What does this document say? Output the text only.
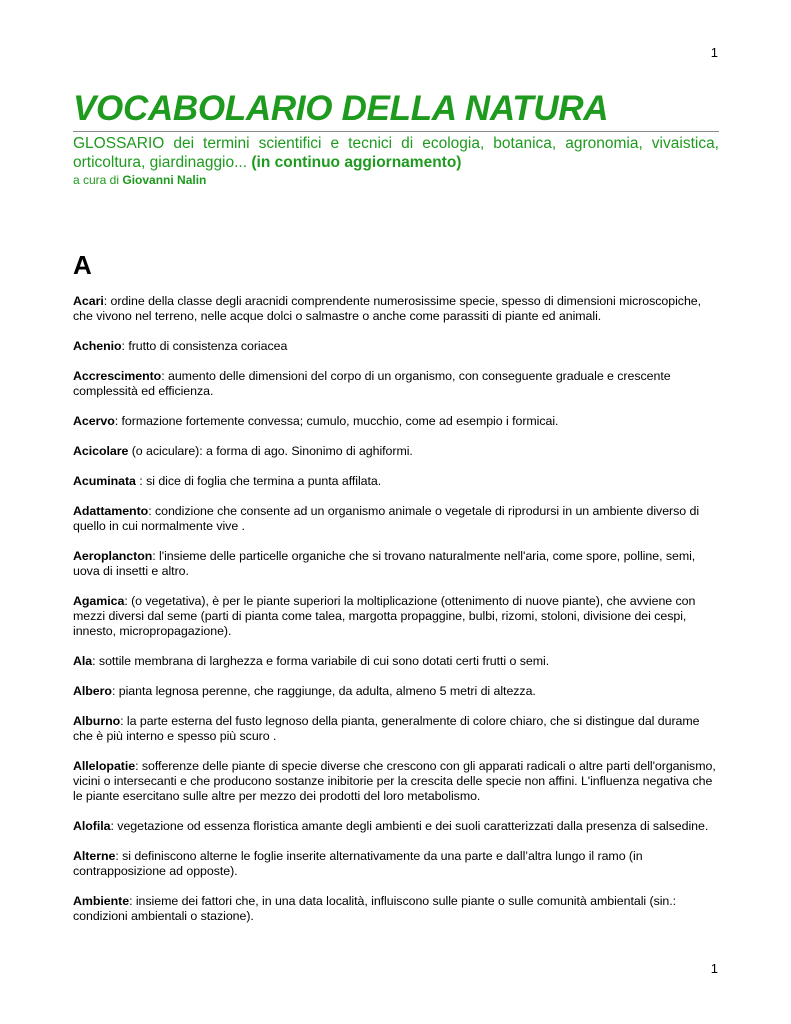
1
VOCABOLARIO DELLA NATURA
GLOSSARIO dei termini scientifici e tecnici di ecologia, botanica, agronomia, vivaistica, orticoltura, giardinaggio... (in continuo aggiornamento)
a cura di Giovanni Nalin
A

Acari: ordine della classe degli aracnidi comprendente numerosissime specie, spesso di dimensioni microscopiche, che vivono nel terreno, nelle acque dolci o salmastre o anche come parassiti di piante ed animali.

Achenio: frutto di consistenza coriacea

Accrescimento: aumento delle dimensioni del corpo di un organismo, con conseguente graduale e crescente complessità ed efficienza.

Acervo: formazione fortemente convessa; cumulo, mucchio, come ad esempio i formicai.

Acicolare (o aciculare): a forma di ago. Sinonimo di aghiformi.

Acuminata : si dice di foglia che termina a punta affilata.

Adattamento: condizione che consente ad un organismo animale o vegetale di riprodursi in un ambiente diverso di quello in cui normalmente vive .

Aeroplancton: l'insieme delle particelle organiche che si trovano naturalmente nell'aria, come spore, polline, semi, uova di insetti e altro.

Agamica: (o vegetativa), è per le piante superiori la moltiplicazione (ottenimento di nuove piante), che avviene con mezzi diversi dal seme (parti di pianta come talea, margotta propaggine, bulbi, rizomi, stoloni, divisione dei cespi, innesto, micropropagazione).

Ala: sottile membrana di larghezza e forma variabile di cui sono dotati certi frutti o semi.

Albero: pianta legnosa perenne, che raggiunge, da adulta, almeno 5 metri di altezza.

Alburno: la parte esterna del fusto legnoso della pianta, generalmente di colore chiaro, che si distingue dal durame che è più interno e spesso più scuro .

Allelopatie: sofferenze delle piante di specie diverse che crescono con gli apparati radicali o altre parti dell'organismo, vicini o intersecanti e che producono sostanze inibitorie per la crescita delle specie non affini. L'influenza negativa che le piante esercitano sulle altre per mezzo dei prodotti del loro metabolismo.

Alofila: vegetazione od essenza floristica amante degli ambienti e dei suoli caratterizzati dalla presenza di salsedine.

Alterne: si definiscono alterne le foglie inserite alternativamente da una parte e dall’altra lungo il ramo (in contrapposizione ad opposte).

Ambiente: insieme dei fattori che, in una data località, influiscono sulle piante o sulle comunità ambientali (sin.: condizioni ambientali o stazione).

1
